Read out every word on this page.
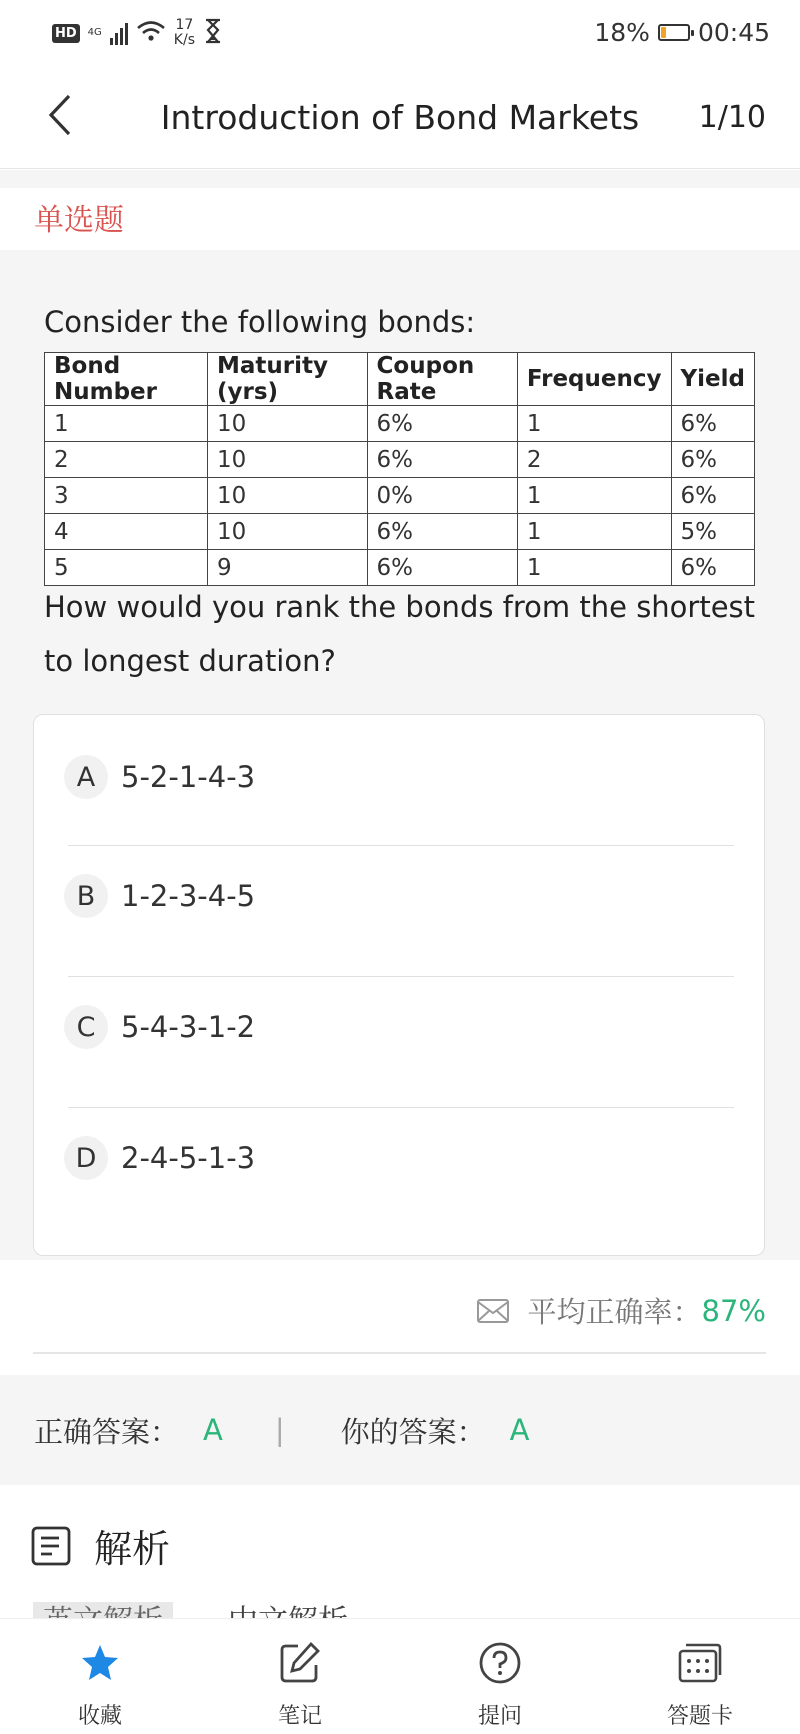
HD	4G	17
K/s	18% 00:45
Introduction of Bond Markets	1/10
单选题
Consider the following bonds:
Bond Number	Maturity (yrs)	Coupon Rate	Frequency	Yield
1	10	6%	1	6%
2	10	6%	2	6%
3	10	0%	1	6%
4	10	6%	1	5%
5	9	6%	1	6%
How would you rank the bonds from the shortest to longest duration?
A 5-2-1-4-3
B 1-2-3-4-5
C 5-4-3-1-2
D 2-4-5-1-3
平均正确率： 87%
正确答案： A | 你的答案： A
解析
收藏	笔记	提问	答题卡
